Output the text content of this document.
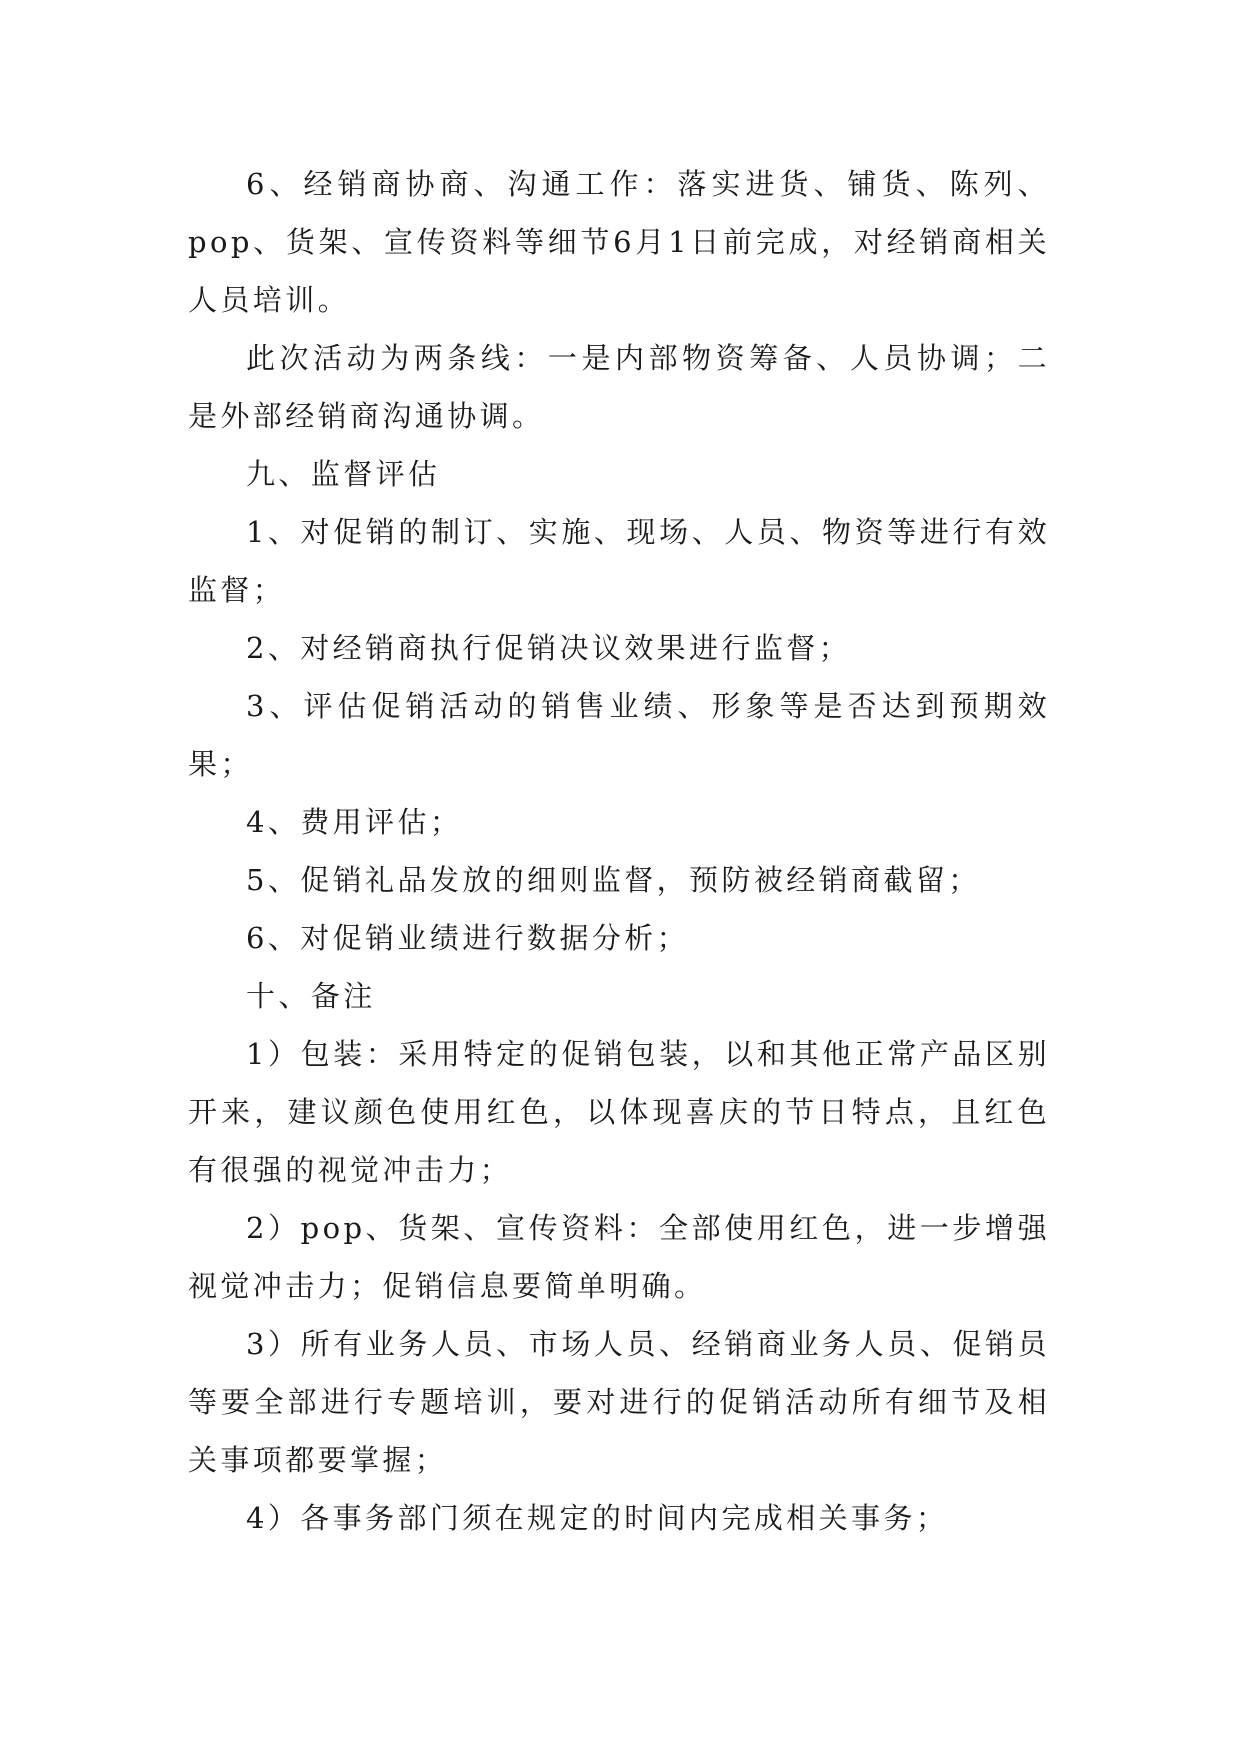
6、经销商协商、沟通工作：落实进货、铺货、陈列、pop、货架、宣传资料等细节6月1日前完成，对经销商相关人员培训。

此次活动为两条线：一是内部物资筹备、人员协调；二是外部经销商沟通协调。

九、监督评估

1、对促销的制订、实施、现场、人员、物资等进行有效监督；

2、对经销商执行促销决议效果进行监督；

3、评估促销活动的销售业绩、形象等是否达到预期效果；

4、费用评估；

5、促销礼品发放的细则监督，预防被经销商截留；

6、对促销业绩进行数据分析；

十、备注

1）包装：采用特定的促销包装，以和其他正常产品区别开来，建议颜色使用红色，以体现喜庆的节日特点，且红色有很强的视觉冲击力；

2）pop、货架、宣传资料：全部使用红色，进一步增强视觉冲击力；促销信息要简单明确。

3）所有业务人员、市场人员、经销商业务人员、促销员等要全部进行专题培训，要对进行的促销活动所有细节及相关事项都要掌握；

4）各事务部门须在规定的时间内完成相关事务；
